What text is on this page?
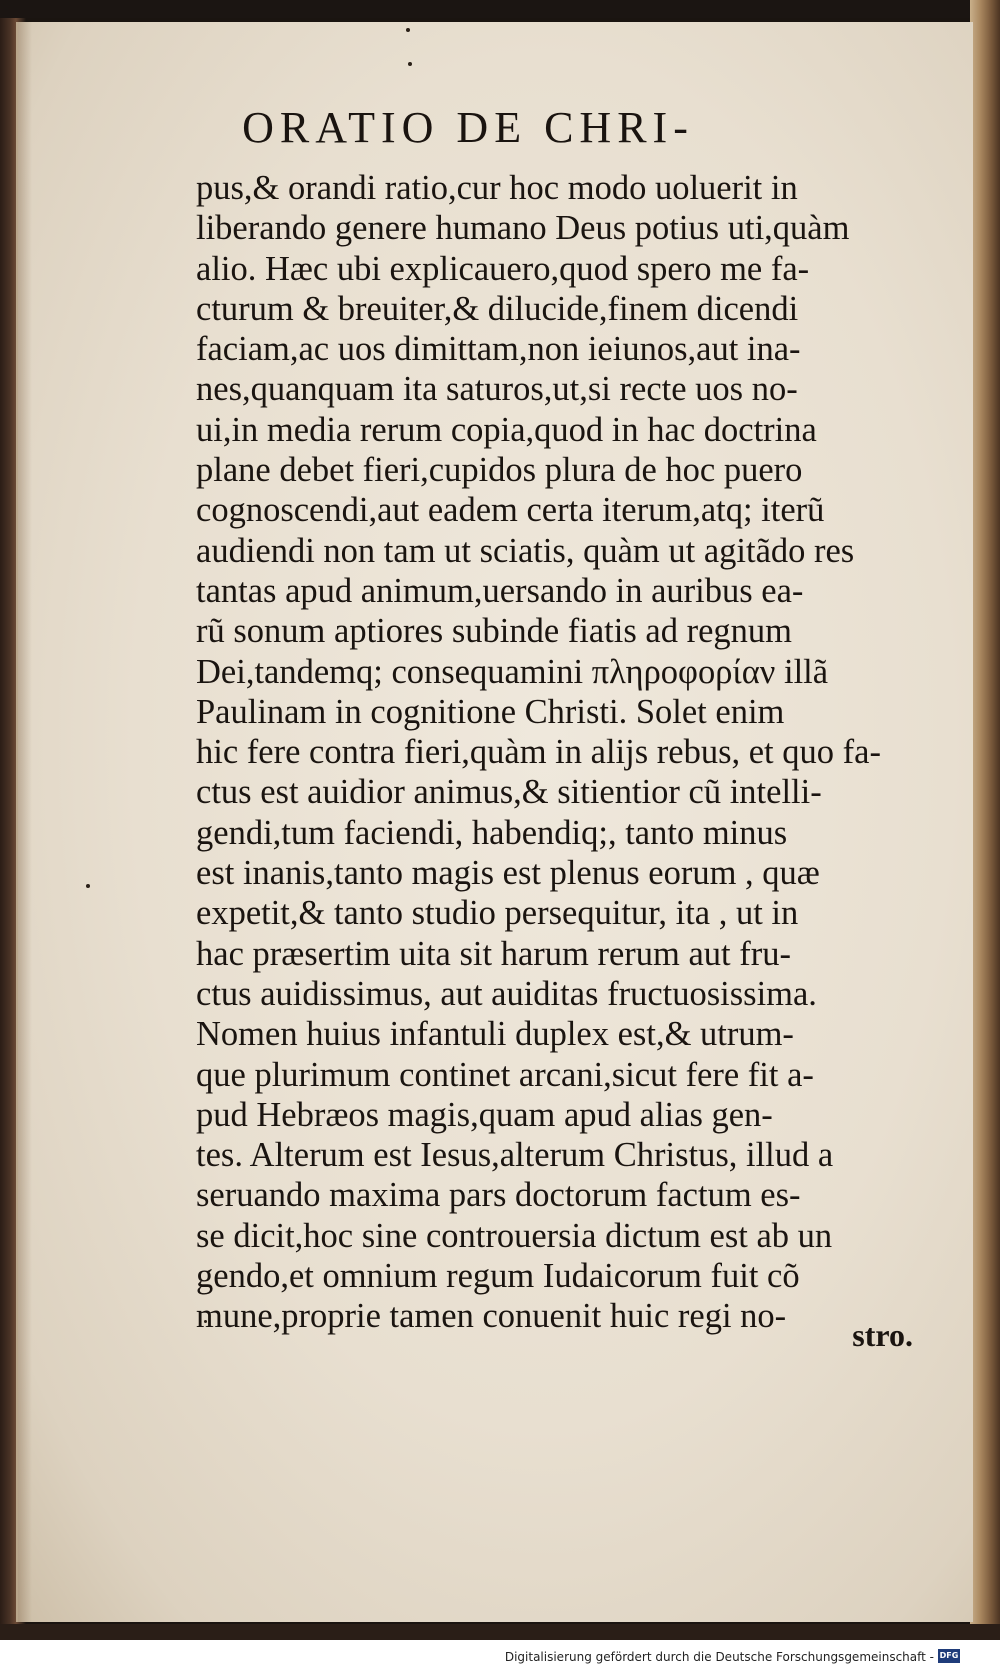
ORATIO DE CHRI-
pus,& orandi ratio,cur hoc modo uoluerit in
liberando genere humano Deus potius uti,quàm
alio. Hæc ubi explicauero,quod spero me fa-
cturum & breuiter,& dilucide,finem dicendi
faciam,ac uos dimittam,non ieiunos,aut ina-
nes,quanquam ita saturos,ut,si recte uos no-
ui,in media rerum copia,quod in hac doctrina
plane debet fieri,cupidos plura de hoc puero
cognoscendi,aut eadem certa iterum,atq; iterũ
audiendi non tam ut sciatis, quàm ut agitãdo res
tantas apud animum,uersando in auribus ea-
rũ sonum aptiores subinde fiatis ad regnum
Dei,tandemq; consequamini πληροφορίαν illã
Paulinam in cognitione Christi. Solet enim
hic fere contra fieri,quàm in alijs rebus, et quo fa-
ctus est auidior animus,& sitientior cũ intelli-
gendi,tum faciendi, habendiq;, tanto minus
est inanis,tanto magis est plenus eorum , quæ
expetit,& tanto studio persequitur, ita , ut in
hac præsertim uita sit harum rerum aut fru-
ctus auidissimus, aut auiditas fructuosissima.
Nomen huius infantuli duplex est,& utrum-
que plurimum continet arcani,sicut fere fit a-
pud Hebræos magis,quam apud alias gen-
tes. Alterum est Iesus,alterum Christus, illud a
seruando maxima pars doctorum factum es-
se dicit,hoc sine controuersia dictum est ab un
gendo,et omnium regum Iudaicorum fuit cõ
mune,proprie tamen conuenit huic regi no-	stro.
Digitalisierung gefördert durch die Deutsche Forschungsgemeinschaft - DFG
